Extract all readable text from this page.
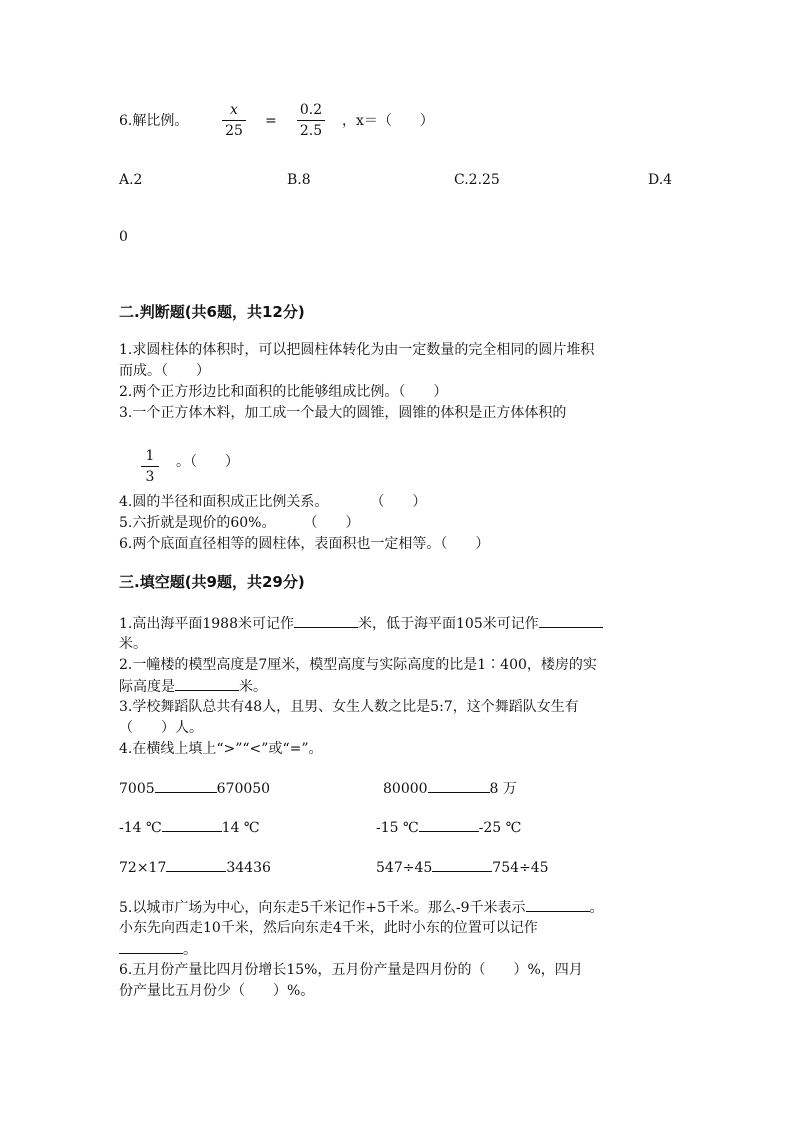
6.解比例。
x
25
=
0.2
2.5
，x＝（　　）
A.2	B.8	C.2.25	D.4
0
二.判断题(共6题，共12分)
1.求圆柱体的体积时，可以把圆柱体转化为由一定数量的完全相同的圆片堆积
而成。（　　）
2.两个正方形边比和面积的比能够组成比例。（　　）
3.一个正方体木料，加工成一个最大的圆锥，圆锥的体积是正方体体积的
1
3
。（　　）
4.圆的半径和面积成正比例关系。　　　　（　　）
5.六折就是现价的60%。　　　（　　）
6.两个底面直径相等的圆柱体，表面积也一定相等。（　　）
三.填空题(共9题，共29分)
1.高出海平面1988米可记作	米，低于海平面105米可记作
米。
2.一幢楼的模型高度是7厘米，模型高度与实际高度的比是1∶400，楼房的实
际高度是	米。
3.学校舞蹈队总共有48人，且男、女生人数之比是5:7，这个舞蹈队女生有
（　　）人。
4.在横线上填上“>”“<”或“=”。
7005	670050	80000	8 万
-14 ℃	14 ℃	-15 ℃	-25 ℃
72×17	34436	547÷45	754÷45
5.以城市广场为中心，向东走5千米记作+5千米。那么-9千米表示	。
小东先向西走10千米，然后向东走4千米，此时小东的位置可以记作
。
6.五月份产量比四月份增长15%，五月份产量是四月份的（　　）%，四月
份产量比五月份少（　　）%。
